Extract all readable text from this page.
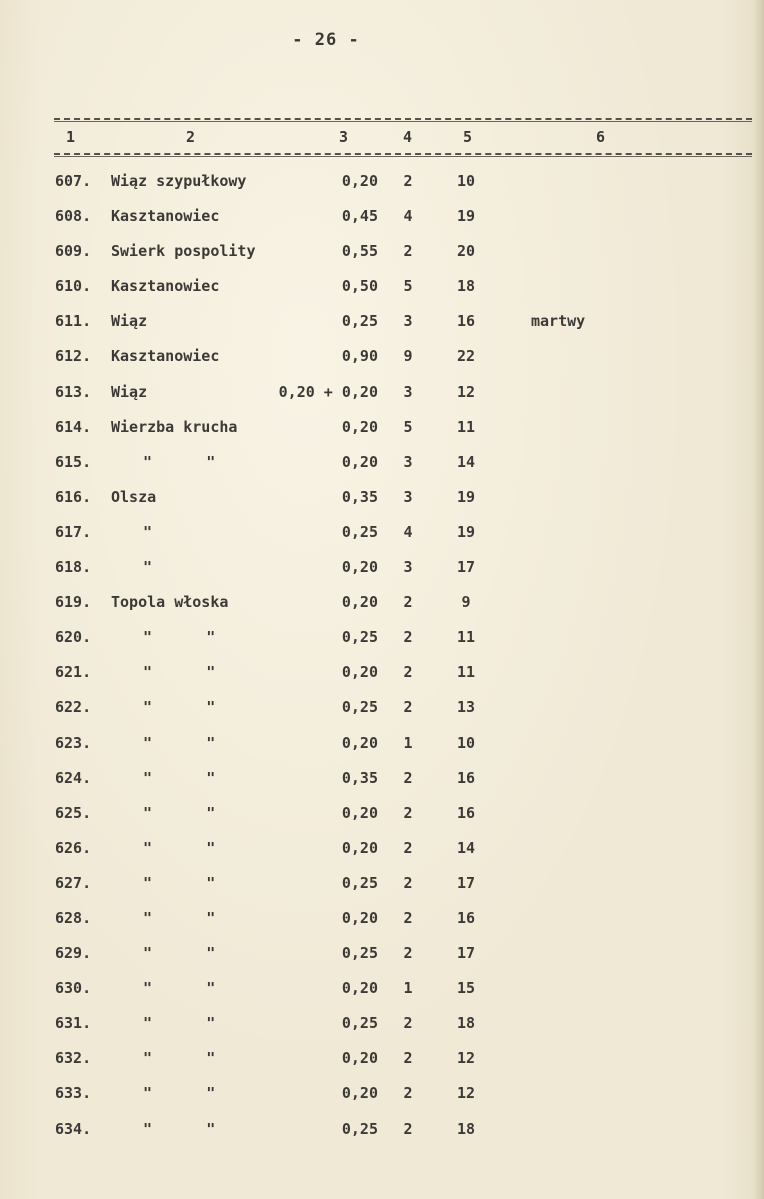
- 26 -
1	2	3	4	5	6
607. Wiąz szypułkowy	0,20	2	10
608. Kasztanowiec	0,45	4	19
609. Swierk pospolity	0,55	2	20
610. Kasztanowiec	0,50	5	18
611. Wiąz	0,25	3	16	martwy
612. Kasztanowiec	0,90	9	22
613. Wiąz	0,20 + 0,20	3	12
614. Wierzba krucha	0,20	5	11
615.	"      "	0,20	3	14
616. Olsza	0,35	3	19
617.	"	0,25	4	19
618.	"	0,20	3	17
619. Topola włoska	0,20	2	9
620.	"      "	0,25	2	11
621.	"      "	0,20	2	11
622.	"      "	0,25	2	13
623.	"      "	0,20	1	10
624.	"      "	0,35	2	16
625.	"      "	0,20	2	16
626.	"      "	0,20	2	14
627.	"      "	0,25	2	17
628.	"      "	0,20	2	16
629.	"      "	0,25	2	17
630.	"      "	0,20	1	15
631.	"      "	0,25	2	18
632.	"      "	0,20	2	12
633.	"      "	0,20	2	12
634.	"      "	0,25	2	18
